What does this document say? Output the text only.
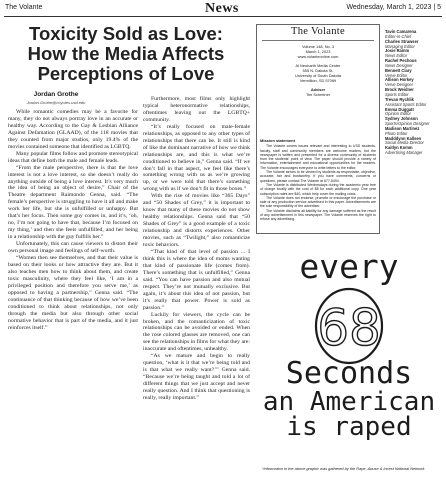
The Volante	News	Wednesday, March 1, 2023 | 5
Toxicity Sold as Love:
How the Media Affects
Perceptions of Love
Jordan Grothe
Jordan.Grothe@coyotes.usd.edu

While romantic comedies may be a favorite for many, they do not always portray love in an accurate or healthy way. According to the Gay & Lesbian Alliance Against Defamation (GLAAD), of the 118 movies that they counted from major studios, only 19.4% of the movies contained someone that identified as LGBTQ.

Many popular films follow and promote stereotypical ideas that define both the male and female leads.

“From the male perspective, there is that the love interest is not a love interest, so she doesn’t really do anything outside of being a love interest. It’s very much the idea of being an object of desire,” Chair of the Theatre department Raimondo Genna, said. “The female’s perspective is struggling to have it all and make work her life, but she is unfulfilled or unhappy. But that’s her focus. Then some guy comes in, and it’s, ‘oh, no, I’m not going to have that, because I’m focused on my thing,’ and then she feels unfulfilled, and her being in a relationship with the guy fulfills her.”

Unfortunately, this can cause viewers to distort their own personal image and feelings of self-worth.

“Women then see themselves, and that their value is based on their looks or how attractive they are. But it also teaches men how to think about them, and create toxic masculinity, where they feel like, ‘I am in a privileged position and therefore you serve me,’ as opposed to having a partnership,” Genna said. “The continuance of that thinking because of how we’ve been conditioned to think about relationships, not only through the media but also through other social normative behavior that is part of the media, and it just reinforces itself.”

Furthermore, most films only highlight typical heteronormative relationships, oftentimes leaving out the LGBTQ+ community.

“It’s really focused on male-female relationships, as opposed to any other types of relationships that there can be. It still is kind of like the dominant narrative of how we think relationships are, and this is what we’re conditioned to believe in,” Genna said. “If we don’t fall in that aspect, we feel like there’s something wrong with us as we’re growing up, or we were told that there’s something wrong with us if we don’t fit in those boxes.”

With the rise of movies like “365 Days” and “50 Shades of Grey,” it is important to know that many of these movies do not show healthy relationships. Genna said that “50 Shades of Grey” is a good example of a toxic relationship and distorts experiences. Other movies, such as “Twilight,” also romanticize toxic behaviors.

“That kind of that level of passion ... I think this is where the idea of moms wanting that kind of passionate life (comes from). There’s something that is unfulfilled,” Genna said. “You can have passion and also mutual respect. They’re not mutually exclusive. But again, it’s about this idea of not passion, but it’s really that power. Power is sold as passion.”

Luckily for viewers, the cycle can be broken, and the romanticization of toxic relationships can be avoided or ended. When the rose colored glasses are removed, one can see the relationships in films for what they are: inaccurate and oftentimes, unhealthy.

“As we mature and begin to really question, ‘what is it that we’re being told and is that what we really want?’” Genna said. “Because we’re being taught and told a lot of different things that we just accept and never really question. And I think that questioning is really, really important.”

The Volante
Volume 148, No. 3
March 1, 2023
www.volanteonline.com
Al Neuharth Media Center
555 N. Dakota St.
University of South Dakota
Vermillion, SD 57069
Adviser
Tim Schreiner
Mission statement

The Volante covers issues relevant and interesting to USD students, faculty, staff and community members are welcome readers, but the newspaper is written and presented for a diverse community of students from the students' point of view. The paper should provide a variety of information, entertainment and educational opportunities for the readers. The Volante encourages everyone to write letters to the editor.

The Volante strives to be viewed by students as respectable, objective, accurate, fair and trustworthy. If you have comments, concerns or questions, please contact The Volante at 677-5494.

The Volante is distributed Wednesdays during the academic year free of charge locally with the cost of $8 for each additional copy. One year subscription rates are $40, which help cover the mailing costs.

The Volante does not endorse, promote or encourage the purchase or sale of any production service advertised in this paper. Advertisements are the sole responsibility of the advertiser.

The Volante disclaims all liability for any damage suffered as the result of any advertisement in this newspaper. The Volante reserves the right to refuse any advertising.

Tavin Camarena
Editor-in-Chief
Charles Strawser
Managing Editor
Josie Ramm
News Editor
Rachel Pechous
News Designer
Bennett Clary
Verve Editor
Allison Horkey
Verve Designer
Brock Weidner
Sports Editor
Trevan Rychlik
Assistant Sports Editor
Emma Duggatt
Opinion Editor
Sydney Johnson
Sports/Opinion Designer
Madison Martinez
Photo Editor
Madddynn Kallsen
Social Media Director
Kaitlyn Komm
Advertising Manager
every
68
Seconds
an American
is raped
*Information in the above graphic was gathered by the Rape, Abuse & Incest National Network
